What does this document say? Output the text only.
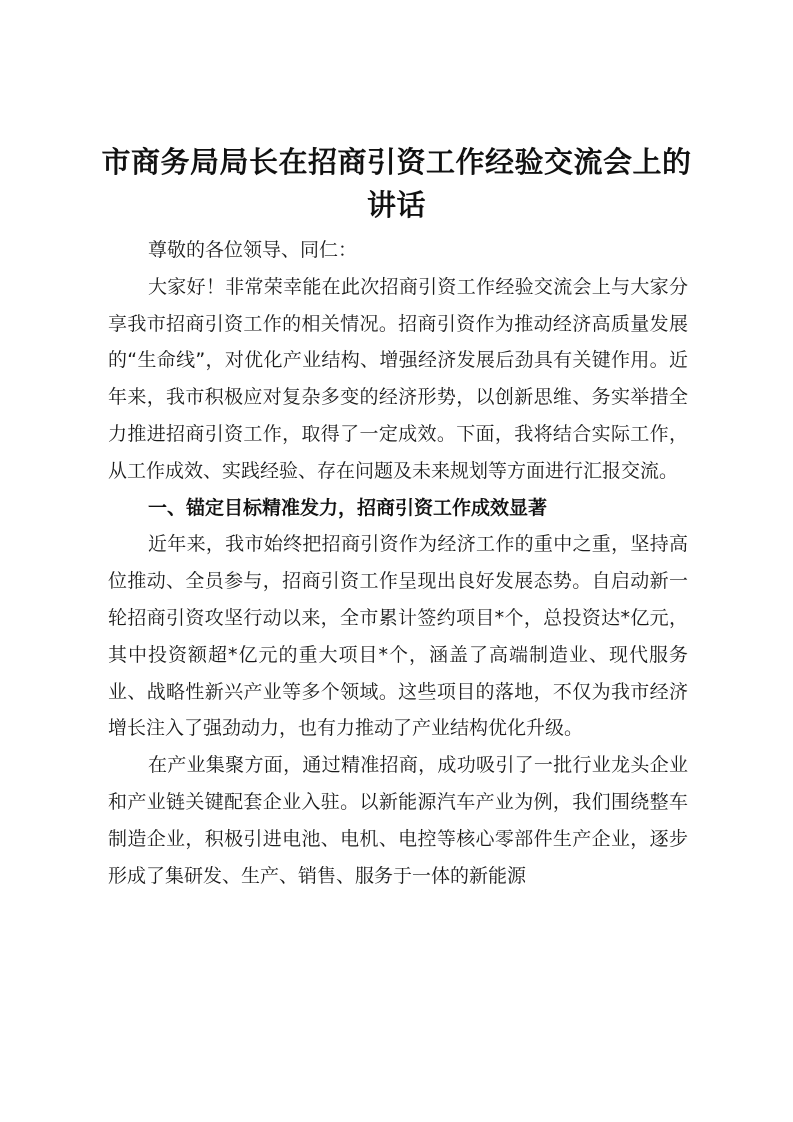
市商务局局长在招商引资工作经验交流会上的讲话

尊敬的各位领导、同仁：

大家好！非常荣幸能在此次招商引资工作经验交流会上与大家分享我市招商引资工作的相关情况。招商引资作为推动经济高质量发展的“生命线”，对优化产业结构、增强经济发展后劲具有关键作用。近年来，我市积极应对复杂多变的经济形势，以创新思维、务实举措全力推进招商引资工作，取得了一定成效。下面，我将结合实际工作，从工作成效、实践经验、存在问题及未来规划等方面进行汇报交流。

一、锚定目标精准发力，招商引资工作成效显著

近年来，我市始终把招商引资作为经济工作的重中之重，坚持高位推动、全员参与，招商引资工作呈现出良好发展态势。自启动新一轮招商引资攻坚行动以来，全市累计签约项目*个，总投资达*亿元，其中投资额超*亿元的重大项目*个，涵盖了高端制造业、现代服务业、战略性新兴产业等多个领域。这些项目的落地，不仅为我市经济增长注入了强劲动力，也有力推动了产业结构优化升级。

在产业集聚方面，通过精准招商，成功吸引了一批行业龙头企业和产业链关键配套企业入驻。以新能源汽车产业为例，我们围绕整车制造企业，积极引进电池、电机、电控等核心零部件生产企业，逐步形成了集研发、生产、销售、服务于一体的新能源
